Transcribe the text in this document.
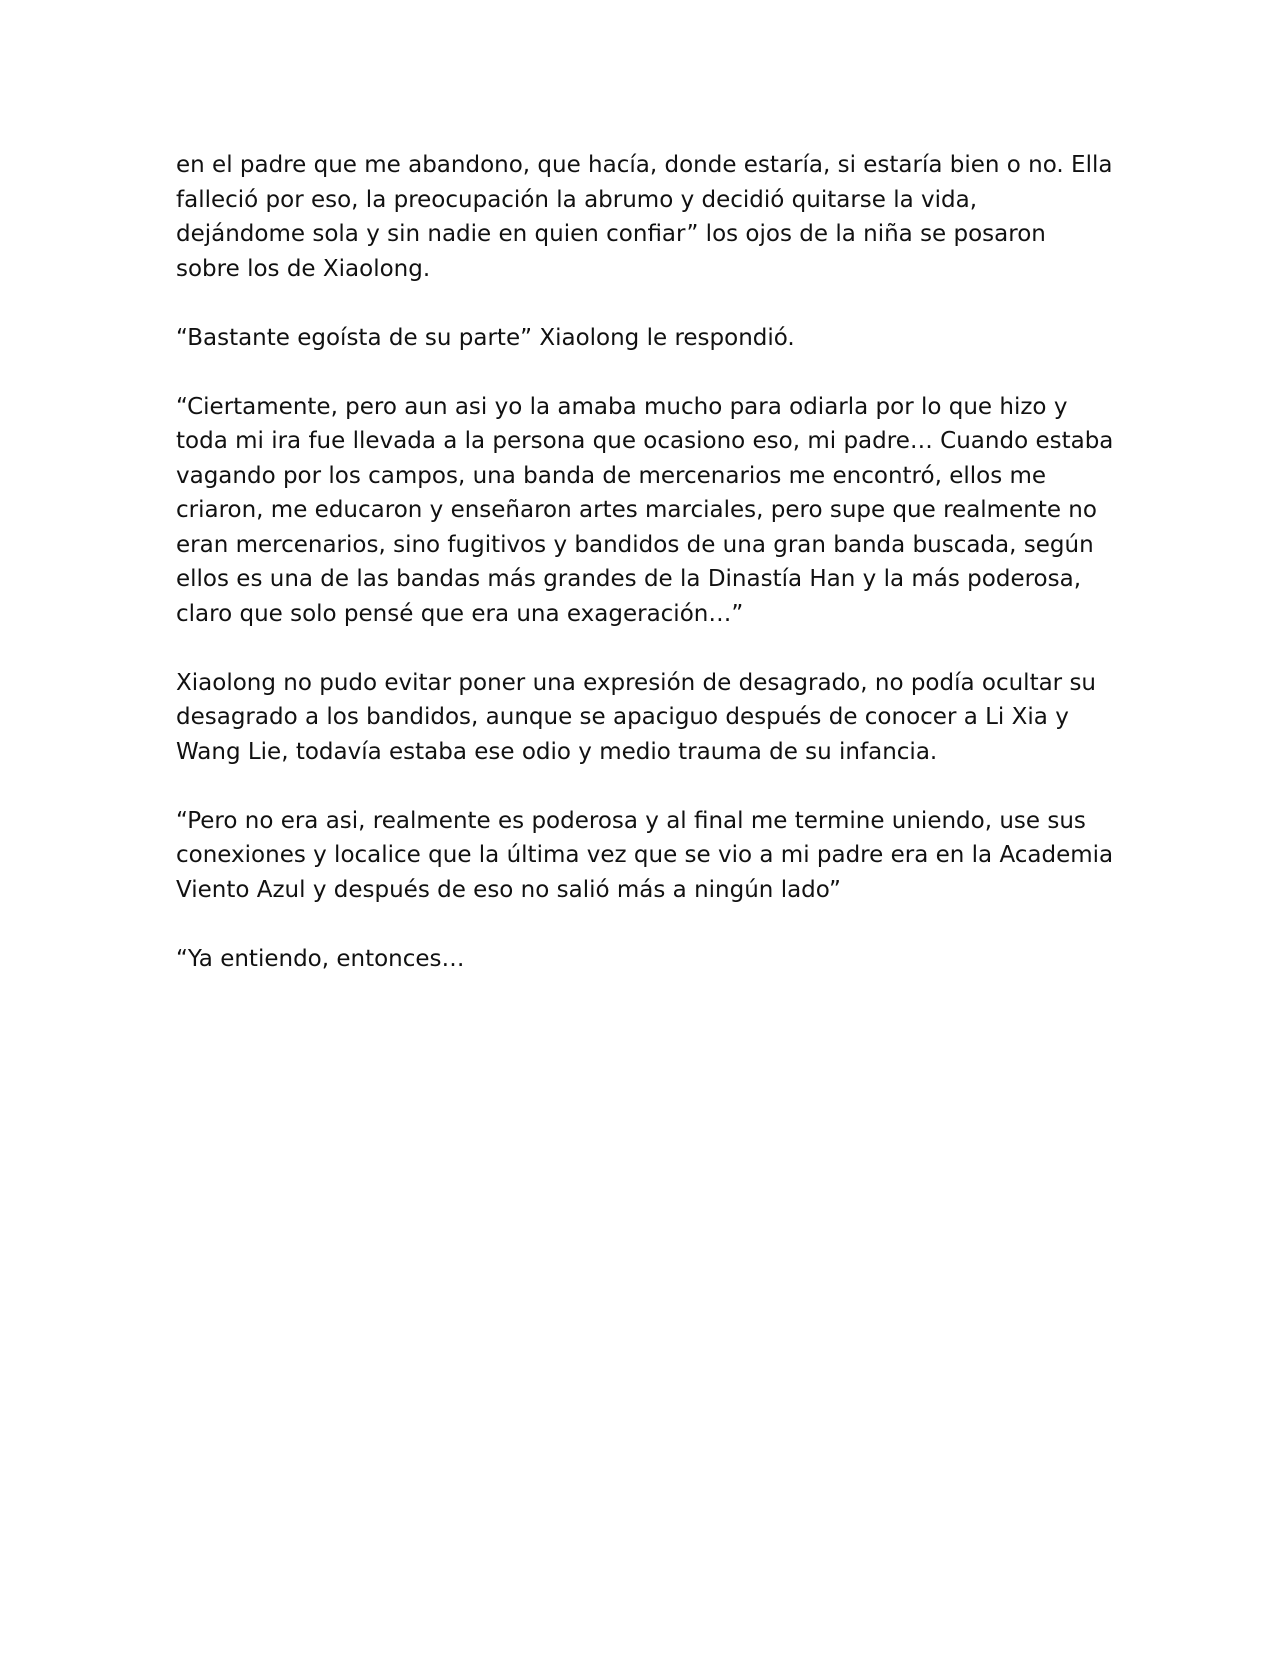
en el padre que me abandono, que hacía, donde estaría, si estaría bien o no. Ella
falleció por eso, la preocupación la abrumo y decidió quitarse la vida,
dejándome sola y sin nadie en quien confiar” los ojos de la niña se posaron
sobre los de Xiaolong.

“Bastante egoísta de su parte” Xiaolong le respondió.

“Ciertamente, pero aun asi yo la amaba mucho para odiarla por lo que hizo y
toda mi ira fue llevada a la persona que ocasiono eso, mi padre… Cuando estaba
vagando por los campos, una banda de mercenarios me encontró, ellos me
criaron, me educaron y enseñaron artes marciales, pero supe que realmente no
eran mercenarios, sino fugitivos y bandidos de una gran banda buscada, según
ellos es una de las bandas más grandes de la Dinastía Han y la más poderosa,
claro que solo pensé que era una exageración…”

Xiaolong no pudo evitar poner una expresión de desagrado, no podía ocultar su
desagrado a los bandidos, aunque se apaciguo después de conocer a Li Xia y
Wang Lie, todavía estaba ese odio y medio trauma de su infancia.

“Pero no era asi, realmente es poderosa y al final me termine uniendo, use sus
conexiones y localice que la última vez que se vio a mi padre era en la Academia
Viento Azul y después de eso no salió más a ningún lado”

“Ya entiendo, entonces…
